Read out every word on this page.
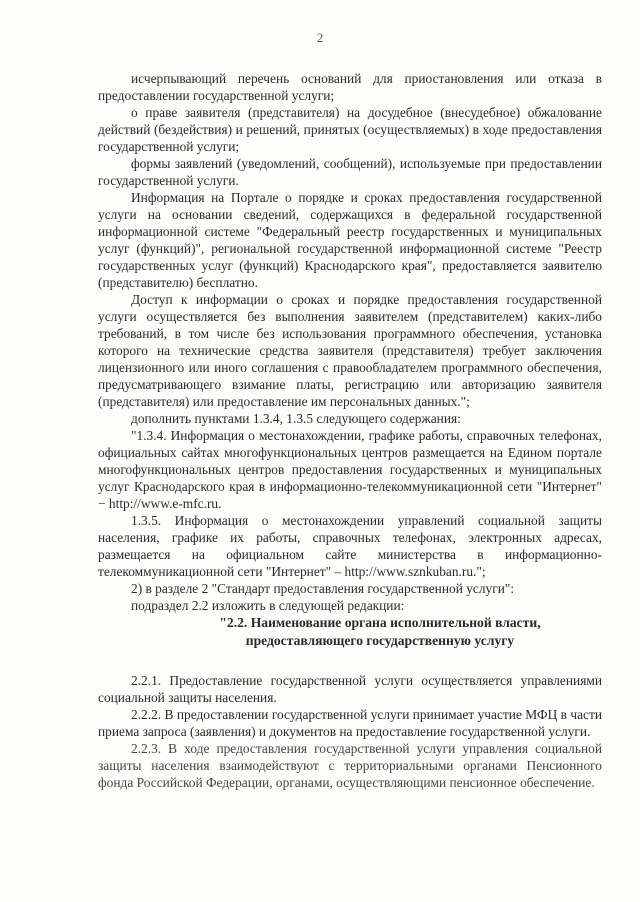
2

исчерпывающий перечень оснований для приостановления или отказа в предоставлении государственной услуги;

о праве заявителя (представителя) на досудебное (внесудебное) обжалование действий (бездействия) и решений, принятых (осуществляемых) в ходе предоставления государственной услуги;

формы заявлений (уведомлений, сообщений), используемые при предоставлении государственной услуги.

Информация на Портале о порядке и сроках предоставления государственной услуги на основании сведений, содержащихся в федеральной государственной информационной системе "Федеральный реестр государственных и муниципальных услуг (функций)", региональной государственной информационной системе "Реестр государственных услуг (функций) Краснодарского края", предоставляется заявителю (представителю) бесплатно.

Доступ к информации о сроках и порядке предоставления государственной услуги осуществляется без выполнения заявителем (представителем) каких-либо требований, в том числе без использования программного обеспечения, установка которого на технические средства заявителя (представителя) требует заключения лицензионного или иного соглашения с правообладателем программного обеспечения, предусматривающего взимание платы, регистрацию или авторизацию заявителя (представителя) или предоставление им персональных данных.";

дополнить пунктами 1.3.4, 1.3.5 следующего содержания:

"1.3.4. Информация о местонахождении, графике работы, справочных телефонах, официальных сайтах многофункциональных центров размещается на Едином портале многофункциональных центров предоставления государственных и муниципальных услуг Краснодарского края в информационно-телекоммуникационной сети "Интернет" − http://www.e-mfc.ru.

1.3.5. Информация о местонахождении управлений социальной защиты населения, графике их работы, справочных телефонах, электронных адресах, размещается на официальном сайте министерства в информационно-телекоммуникационной сети "Интернет" – http://www.sznkuban.ru.";

2) в разделе 2 "Стандарт предоставления государственной услуги":

подраздел 2.2 изложить в следующей редакции:

"2.2. Наименование органа исполнительной власти,

предоставляющего государственную услугу

2.2.1. Предоставление государственной услуги осуществляется управлениями социальной защиты населения.

2.2.2. В предоставлении государственной услуги принимает участие МФЦ в части приема запроса (заявления) и документов на предоставление государственной услуги.

2.2.3. В ходе предоставления государственной услуги управления социальной защиты населения взаимодействуют с территориальными органами Пенсионного фонда Российской Федерации, органами, осуществляющими пенсионное обеспечение.
